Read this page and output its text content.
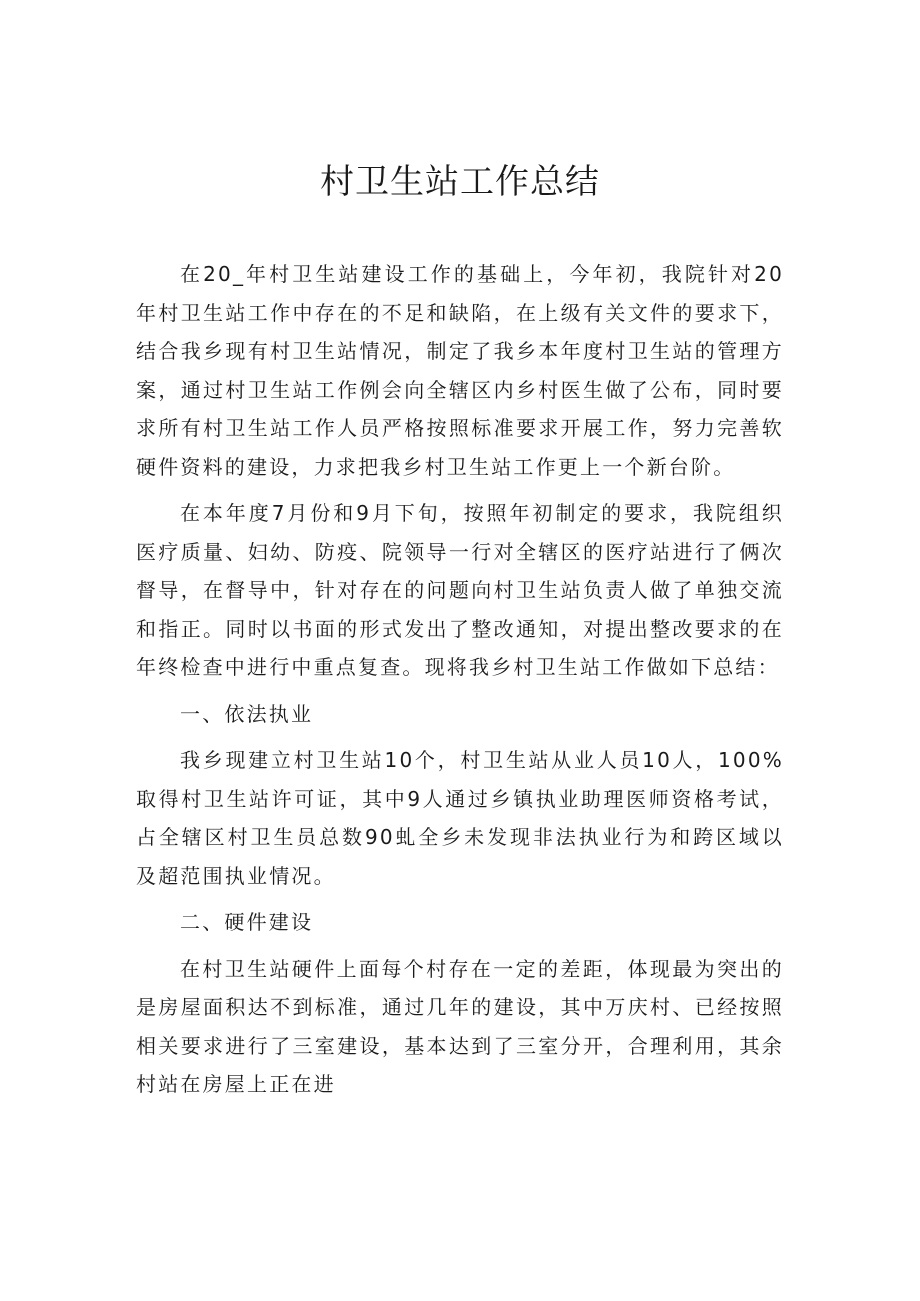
村卫生站工作总结

在20_年村卫生站建设工作的基础上，今年初，我院针对20年村卫生站工作中存在的不足和缺陷，在上级有关文件的要求下，结合我乡现有村卫生站情况，制定了我乡本年度村卫生站的管理方案，通过村卫生站工作例会向全辖区内乡村医生做了公布，同时要求所有村卫生站工作人员严格按照标准要求开展工作，努力完善软硬件资料的建设，力求把我乡村卫生站工作更上一个新台阶。

在本年度7月份和9月下旬，按照年初制定的要求，我院组织医疗质量、妇幼、防疫、院领导一行对全辖区的医疗站进行了俩次督导，在督导中，针对存在的问题向村卫生站负责人做了单独交流和指正。同时以书面的形式发出了整改通知，对提出整改要求的在年终检查中进行中重点复查。现将我乡村卫生站工作做如下总结：

一、依法执业

我乡现建立村卫生站10个，村卫生站从业人员10人，100%取得村卫生站许可证，其中9人通过乡镇执业助理医师资格考试，占全辖区村卫生员总数90虬全乡未发现非法执业行为和跨区域以及超范围执业情况。

二、硬件建设

在村卫生站硬件上面每个村存在一定的差距，体现最为突出的是房屋面积达不到标准，通过几年的建设，其中万庆村、已经按照相关要求进行了三室建设，基本达到了三室分开，合理利用，其余村站在房屋上正在进
